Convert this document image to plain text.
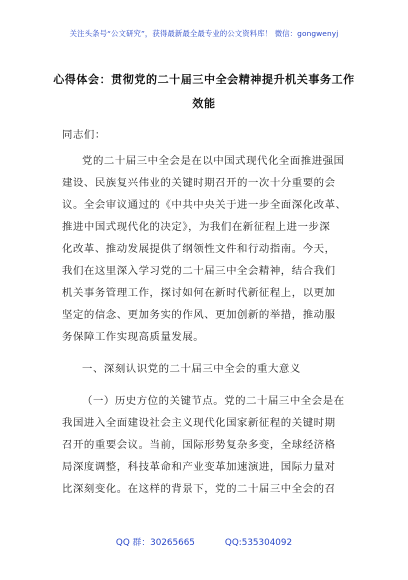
关注头条号“公文研究”，获得最新最全最专业的公文资料库！ 微信：gongwenyj
心得体会：贯彻党的二十届三中全会精神提升机关事务工作
效能
同志们：
党的二十届三中全会是在以中国式现代化全面推进强国
建设、民族复兴伟业的关键时期召开的一次十分重要的会
议。全会审议通过的《中共中央关于进一步全面深化改革、
推进中国式现代化的决定》，为我们在新征程上进一步深
化改革、推动发展提供了纲领性文件和行动指南。今天，
我们在这里深入学习党的二十届三中全会精神，结合我们
机关事务管理工作，探讨如何在新时代新征程上，以更加
坚定的信念、更加务实的作风、更加创新的举措，推动服
务保障工作实现高质量发展。
一、深刻认识党的二十届三中全会的重大意义
（一）历史方位的关键节点。党的二十届三中全会是在
我国进入全面建设社会主义现代化国家新征程的关键时期
召开的重要会议。当前，国际形势复杂多变，全球经济格
局深度调整，科技革命和产业变革加速演进，国际力量对
比深刻变化。在这样的背景下，党的二十届三中全会的召
QQ 群：30265665	QQ:535304092
